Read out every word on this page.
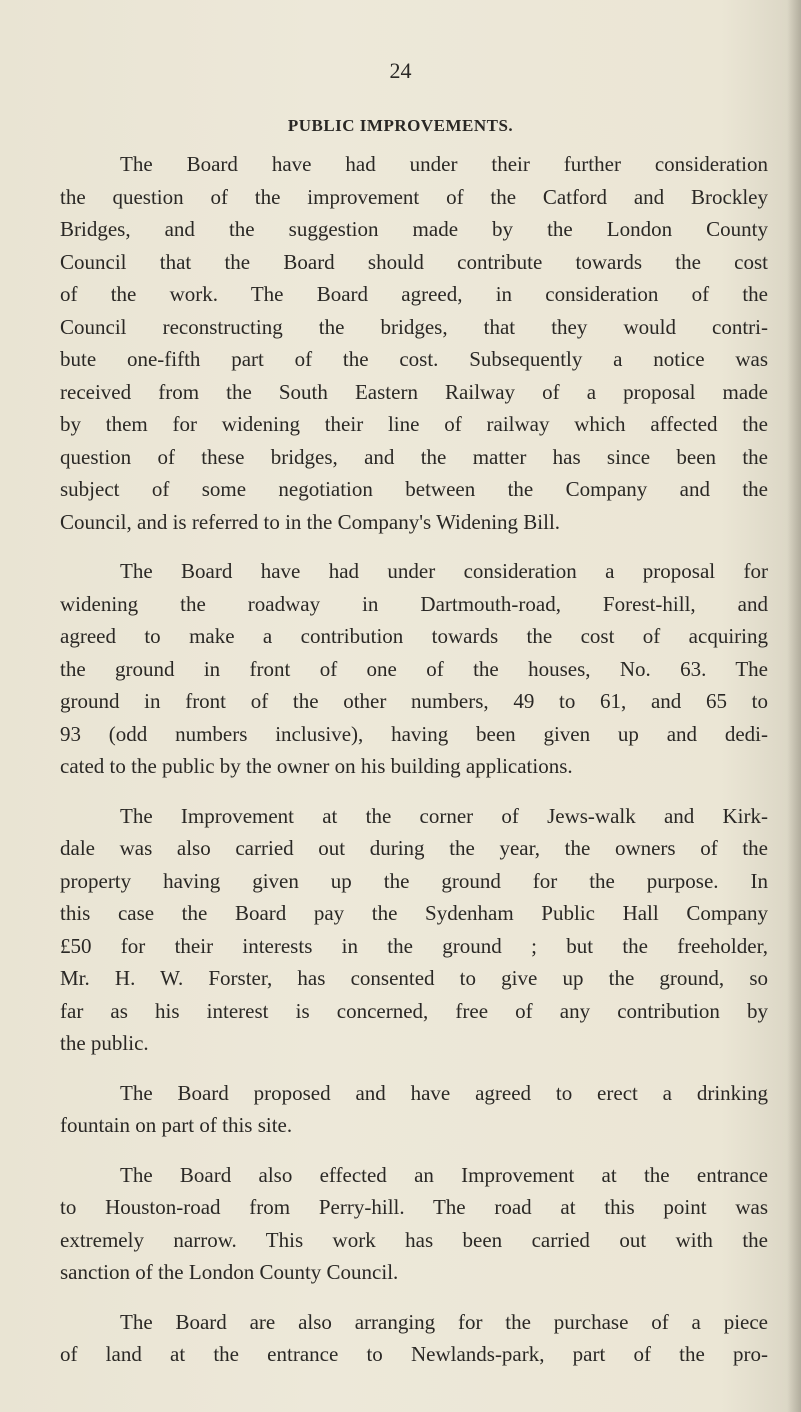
24
PUBLIC IMPROVEMENTS.
The Board have had under their further consideration
the question of the improvement of the Catford and Brockley
Bridges, and the suggestion made by the London County
Council that the Board should contribute towards the cost
of the work. The Board agreed, in consideration of the
Council reconstructing the bridges, that they would contri-
bute one-fifth part of the cost. Subsequently a notice was
received from the South Eastern Railway of a proposal made
by them for widening their line of railway which affected the
question of these bridges, and the matter has since been the
subject of some negotiation between the Company and the
Council, and is referred to in the Company's Widening Bill.
The Board have had under consideration a proposal for
widening the roadway in Dartmouth-road, Forest-hill, and
agreed to make a contribution towards the cost of acquiring
the ground in front of one of the houses, No. 63. The
ground in front of the other numbers, 49 to 61, and 65 to
93 (odd numbers inclusive), having been given up and dedi-
cated to the public by the owner on his building applications.
The Improvement at the corner of Jews-walk and Kirk-
dale was also carried out during the year, the owners of the
property having given up the ground for the purpose. In
this case the Board pay the Sydenham Public Hall Company
£50 for their interests in the ground ; but the freeholder,
Mr. H. W. Forster, has consented to give up the ground, so
far as his interest is concerned, free of any contribution by
the public.
The Board proposed and have agreed to erect a drinking
fountain on part of this site.
The Board also effected an Improvement at the entrance
to Houston-road from Perry-hill. The road at this point was
extremely narrow. This work has been carried out with the
sanction of the London County Council.
The Board are also arranging for the purchase of a piece
of land at the entrance to Newlands-park, part of the pro-
